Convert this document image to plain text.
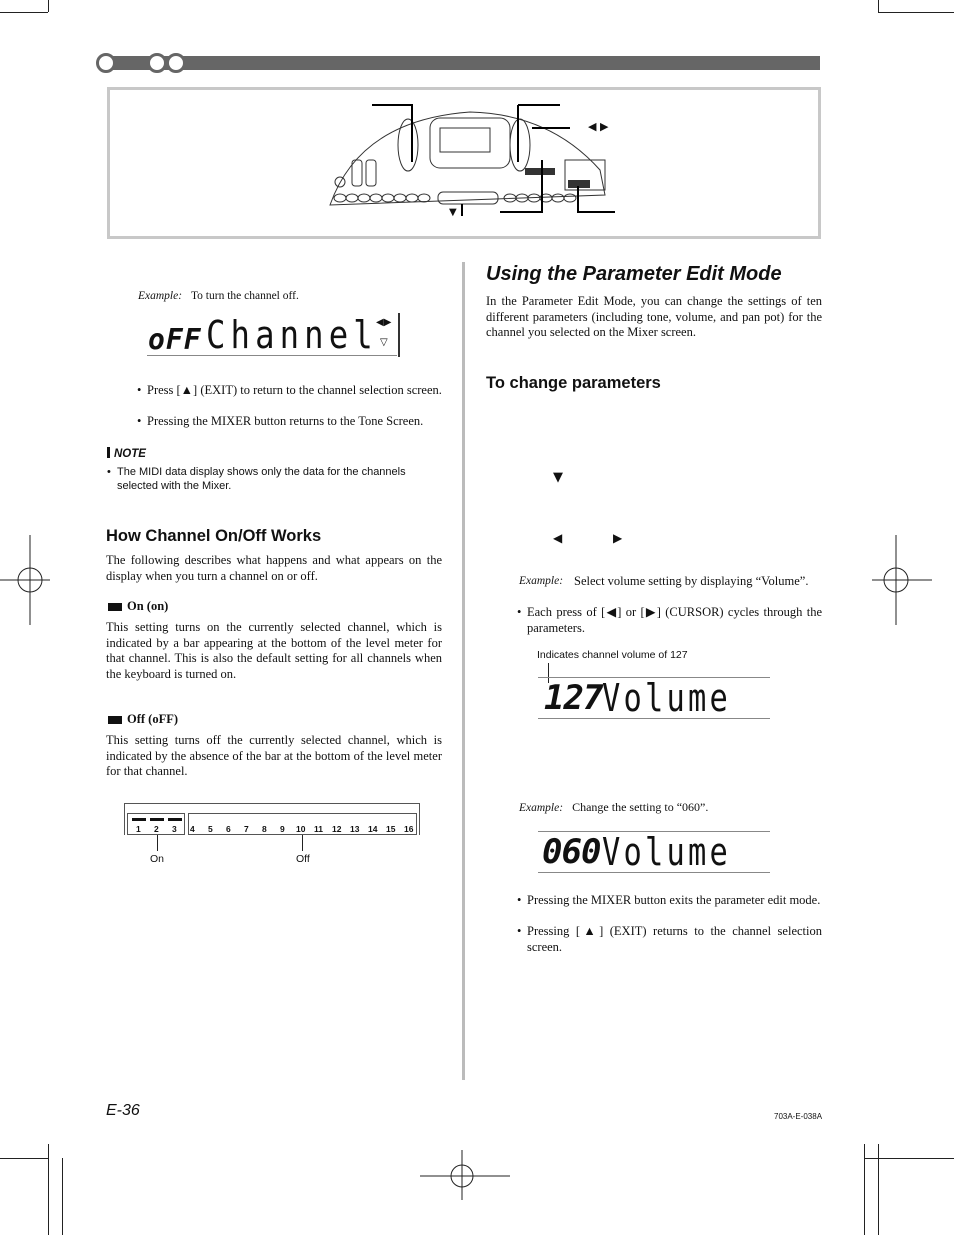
◀ ▶
▼
Example: To turn the channel off.
oFF Channel
◀▶
▽
• Press [▲] (EXIT) to return to the channel selection screen.
• Pressing the MIXER button returns to the Tone Screen.
NOTE
• The MIDI data display shows only the data for the channels selected with the Mixer.
How Channel On/Off Works
The following describes what happens and what appears on the display when you turn a channel on or off.
On (on)
This setting turns on the currently selected channel, which is indicated by a bar appearing at the bottom of the level meter for that channel. This is also the default setting for all channels when the keyboard is turned on.
Off (oFF)
This setting turns off the currently selected channel, which is indicated by the absence of the bar at the bottom of the level meter for that channel.
1 2 3 4 5 6 7 8 9 10 11 12 13 14 15 16
On	Off
Using the Parameter Edit Mode
In the Parameter Edit Mode, you can change the settings of ten different parameters (including tone, volume, and pan pot) for the channel you selected on the Mixer screen.
To change parameters
▼
◀	▶
Example: Select volume setting by displaying “Volume”.
• Each press of [◀] or [▶] (CURSOR) cycles through the parameters.
Indicates channel volume of 127
127 Volume
Example: Change the setting to “060”.
060 Volume
• Pressing the MIXER button exits the parameter edit mode.
• Pressing [▲] (EXIT) returns to the channel selection screen.
E-36	703A-E-038A
